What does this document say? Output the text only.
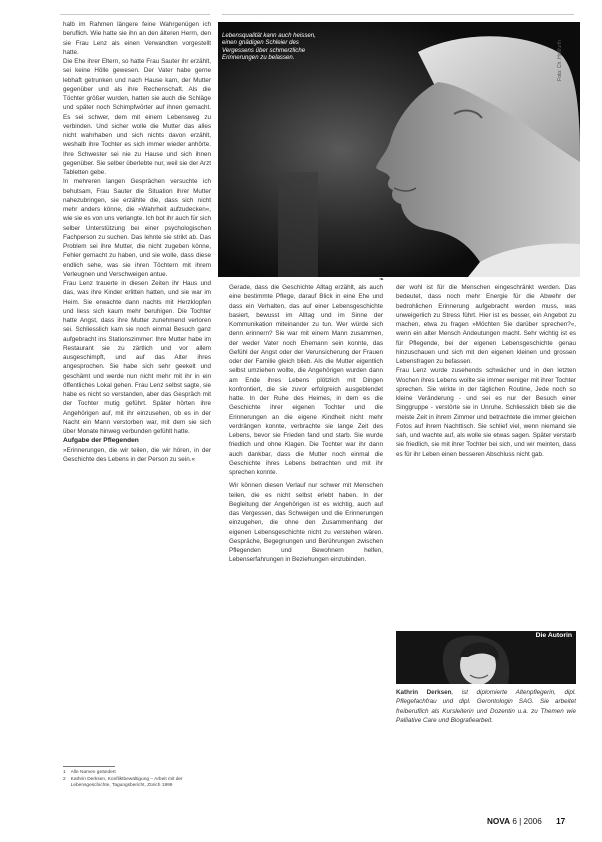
halb im Rahmen längere feine Wahrgenügen ich beruflich. Wie hatte sie ihn an den älteren Herrn, den sie Frau Lenz als einen Verwandten vorgestellt hatte.

Die Ehe ihrer Eltern, so hatte Frau Sauter ihr erzählt, sei keine Hölle gewesen. Der Vater habe gerne lebhaft getrunken und nach Hause kam, der Mutter gegenüber und als ihre Rechenschaft. Als die Töchter größer wurden, hatten sie auch die Schläge und später noch Schimpfwörter auf ihnen gemacht. Es sei schwer, dem mit einem Lebensweg zu verbinden. Und sicher wolle die Mutter das alles nicht wahrhaben und sich nichts davon erzählt, weshalb ihre Tochter es sich immer wieder anhörte. Ihre Schwester sei nie zu Hause und sich ihnen gegenüber. Sie selber überlebte nur, weil sie der Arzt Tabletten gebe.

In mehreren langen Gesprächen versuchte ich behutsam, Frau Sauter die Situation ihrer Mutter nahezubringen, sie erzählte die, dass sich nicht mehr anders könne, die »Wahrheit aufzudecken«, wie sie es von uns verlangte. Ich bot ihr auch für sich selber Unterstützung bei einer psychologischen Fachperson zu suchen. Das lehnte sie strikt ab. Das Problem sei ihre Mutter, die nicht zugeben könne, Fehler gemacht zu haben, und sie wolle, dass diese endlich sehe, was sie ihren Töchtern mit ihrem Verleugnen und Verschweigen antue.

Frau Lenz trauerte in diesen Zeiten ihr Haus und das, was ihre Kinder erlitten hatten, und sie war im Heim. Sie erwachte dann nachts mit Herzklopfen und liess sich kaum mehr beruhigen. Die Tochter hatte Angst, dass ihre Mutter zunehmend verloren sei. Schliesslich kam sie noch einmal Besuch ganz aufgebracht ins Stationszimmer: Ihre Mutter habe im Restaurant sie zu zärtlich und vor allem ausgeschimpft, und auf das Alter ihres angesprochen. Sie habe sich sehr geekelt und geschämt und werde nun nicht mehr mit ihr in ein öffentliches Lokal gehen. Frau Lenz selbst sagte, sie habe es nicht so verstanden, aber das Gespräch mit der Tochter mutig geführt. Später hörten ihre Angehörigen auf, mit ihr einzusehen, ob es in der Nacht ein Mann verstorben war, mit dem sie sich über Monate hinweg verbunden gefühlt hatte.

Aufgabe der Pflegenden

»Erinnerungen, die wir teilen, die wir hören, in der Geschichte des Lebens in der Person zu sein.«

Lebensqualität kann auch heissen, einen gnädigen Schleier des Vergessens über schmerzliche Erinnerungen zu belassen.	Foto: Ch. Holtfurth
❧

Gerade, dass die Geschichte Alltag erzählt, als auch eine bestimmte Pflege, darauf Blick in eine Ehe und dass ein Verhalten, das auf einer Lebensgeschichte basiert, bewusst im Alltag und im Sinne der Kommunikation miteinander zu tun. Wer würde sich denn erinnern? Sie war mit einem Mann zusammen, der weder Vater noch Ehemann sein konnte, das Gefühl der Angst oder der Verunsicherung der Frauen oder der Familie gleich blieb. Als die Mutter eigentlich selbst umziehen wollte, die Angehörigen wurden dann am Ende ihres Lebens plötzlich mit Dingen konfrontiert, die sie zuvor erfolgreich ausgeblendet hatte. In der Ruhe des Heimes, in dem es die Geschichte ihrer eigenen Tochter und die Erinnerungen an die eigene Kindheit nicht mehr verdrängen konnte, verbrachte sie lange Zeit des Lebens, bevor sie Frieden fand und starb. Sie wurde friedlich und ohne Klagen. Die Tochter war ihr dann auch dankbar, dass die Mutter noch einmal die Geschichte ihres Lebens betrachten und mit ihr sprechen konnte.

Wir können diesen Verlauf nur schwer mit Menschen teilen, die es nicht selbst erlebt haben. In der Begleitung der Angehörigen ist es wichtig, auch auf das Vergessen, das Schweigen und die Erinnerungen einzugehen, die ohne den Zusammenhang der eigenen Lebensgeschichte nicht zu verstehen wären. Gespräche, Begegnungen und Berührungen zwischen Pflegenden und Bewohnern helfen, Lebenserfahrungen in Beziehungen einzubinden.

der wohl ist für die Menschen eingeschränkt werden. Das bedeutet, dass noch mehr Energie für die Abwehr der bedrohlichen Erinnerung aufgebracht werden muss, was unweigerlich zu Stress führt. Hier ist es besser, ein Angebot zu machen, etwa zu fragen »Möchten Sie darüber sprechen?«, wenn ein alter Mensch Andeutungen macht. Sehr wichtig ist es für Pflegende, bei der eigenen Lebensgeschichte genau hinzuschauen und sich mit den eigenen kleinen und grossen Lebensfragen zu befassen.

Frau Lenz wurde zusehends schwächer und in den letzten Wochen ihres Lebens wollte sie immer weniger mit ihrer Tochter sprechen. Sie wirkte in der täglichen Routine, Jede noch so kleine Veränderung - und sei es nur der Besuch einer Singgruppe - verstörte sie in Unruhe. Schliesslich blieb sie die meiste Zeit in ihrem Zimmer und betrachtete die immer gleichen Fotos auf ihrem Nachttisch. Sie schlief viel, wenn niemand sie sah, und wachte auf, als wolle sie etwas sagen. Später verstarb sie friedlich, sie mit ihrer Tochter bei sich, und wir meinten, dass es für ihr Leben einen besseren Abschluss nicht gab.

Die Autorin
Kathrin Derksen, ist diplomierte Altenpflegerin, dipl. Pflegefachfrau und dipl. Gerontologin SAG. Sie arbeitet freiberuflich als Kursleiterin und Dozentin u.a. zu Themen wie Palliative Care und Biografiearbeit.
1 Alle Namen geändert
2 Kathrin Derksen, Konfliktbewältigung – Arbeit mit der Lebensgeschichte, Tagungsbericht, Zürich 1999
NOVA 6 | 2006 17
